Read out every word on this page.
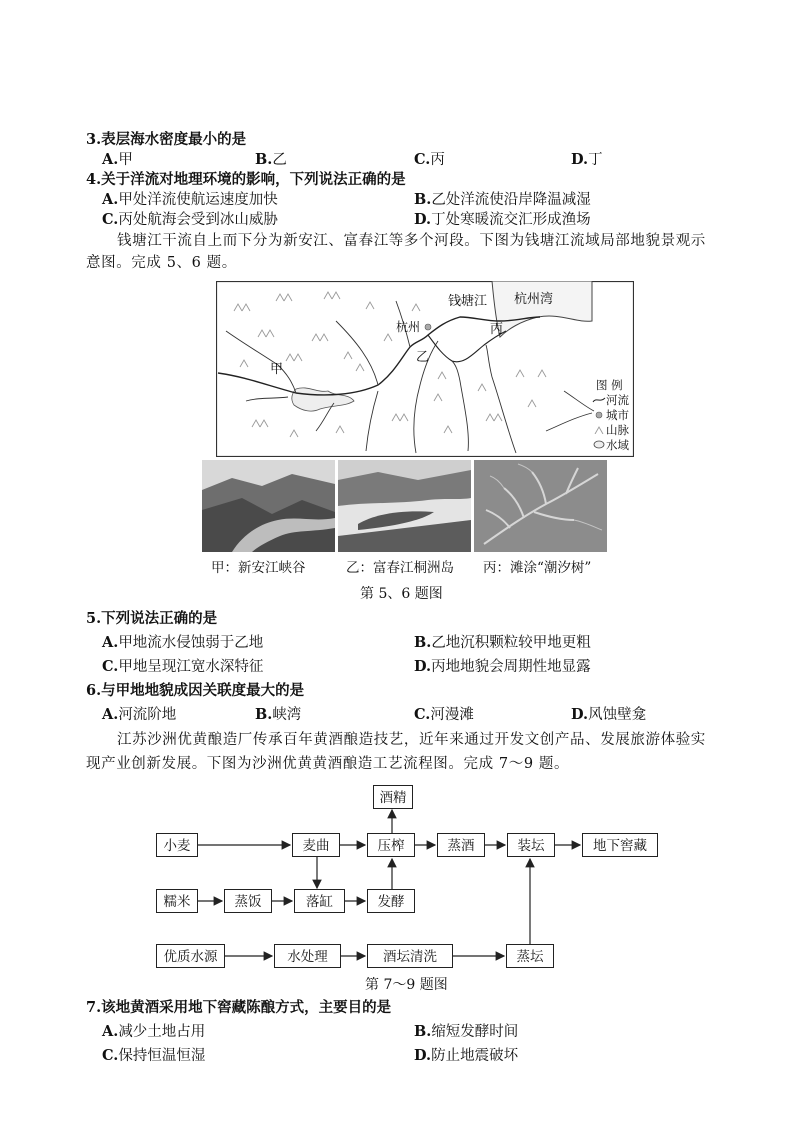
3.表层海水密度最小的是
A.甲	B.乙	C.丙	D.丁
4.关于洋流对地理环境的影响，下列说法正确的是
A.甲处洋流使航运速度加快	B.乙处洋流使沿岸降温减湿
C.丙处航海会受到冰山威胁	D.丁处寒暖流交汇形成渔场
钱塘江干流自上而下分为新安江、富春江等多个河段。下图为钱塘江流域局部地貌景观示
意图。完成 5、6 题。
钱塘江 杭州湾
杭州	丙
乙
甲
图 例
河流
城市
山脉
水域
甲：新安江峡谷	乙：富春江桐洲岛 丙：滩涂“潮汐树”
第 5、6 题图
5.下列说法正确的是
A.甲地流水侵蚀弱于乙地	B.乙地沉积颗粒较甲地更粗
C.甲地呈现江宽水深特征	D.丙地地貌会周期性地显露
6.与甲地地貌成因关联度最大的是
A.河流阶地	B.峡湾	C.河漫滩	D.风蚀壁龛
江苏沙洲优黄酿造厂传承百年黄酒酿造技艺，近年来通过开发文创产品、发展旅游体验实
现产业创新发展。下图为沙洲优黄黄酒酿造工艺流程图。完成 7～9 题。
酒精
小麦	麦曲	压榨	蒸酒	装坛	地下窖藏
糯米	蒸饭	落缸	发酵
优质水源	水处理	酒坛清洗	蒸坛
第 7～9 题图
7.该地黄酒采用地下窖藏陈酿方式，主要目的是
A.减少土地占用	B.缩短发酵时间
C.保持恒温恒湿	D.防止地震破坏
